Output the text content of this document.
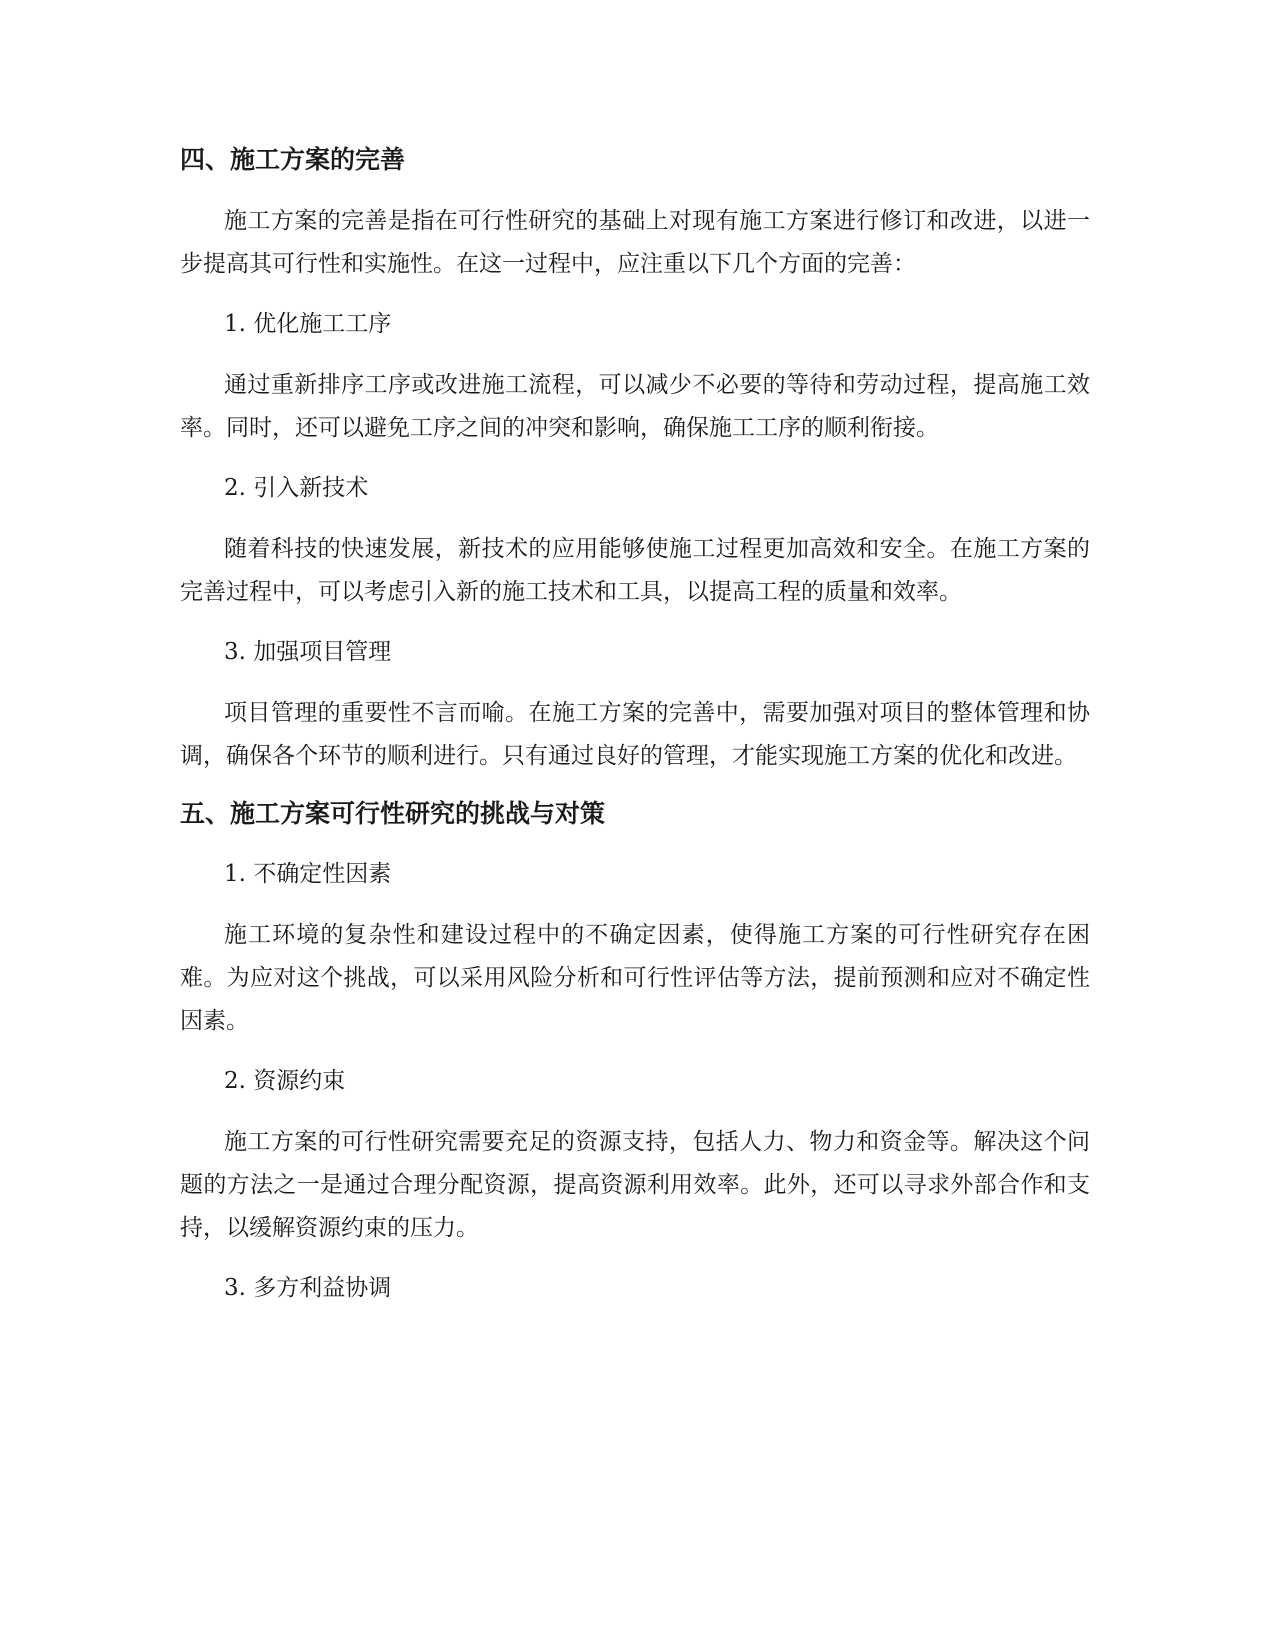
四、施工方案的完善

施工方案的完善是指在可行性研究的基础上对现有施工方案进行修订和改进，以进一步提高其可行性和实施性。在这一过程中，应注重以下几个方面的完善：

1. 优化施工工序

通过重新排序工序或改进施工流程，可以减少不必要的等待和劳动过程，提高施工效率。同时，还可以避免工序之间的冲突和影响，确保施工工序的顺利衔接。

2. 引入新技术

随着科技的快速发展，新技术的应用能够使施工过程更加高效和安全。在施工方案的完善过程中，可以考虑引入新的施工技术和工具，以提高工程的质量和效率。

3. 加强项目管理

项目管理的重要性不言而喻。在施工方案的完善中，需要加强对项目的整体管理和协调，确保各个环节的顺利进行。只有通过良好的管理，才能实现施工方案的优化和改进。

五、施工方案可行性研究的挑战与对策

1. 不确定性因素

施工环境的复杂性和建设过程中的不确定因素，使得施工方案的可行性研究存在困难。为应对这个挑战，可以采用风险分析和可行性评估等方法，提前预测和应对不确定性因素。

2. 资源约束

施工方案的可行性研究需要充足的资源支持，包括人力、物力和资金等。解决这个问题的方法之一是通过合理分配资源，提高资源利用效率。此外，还可以寻求外部合作和支持，以缓解资源约束的压力。

3. 多方利益协调
